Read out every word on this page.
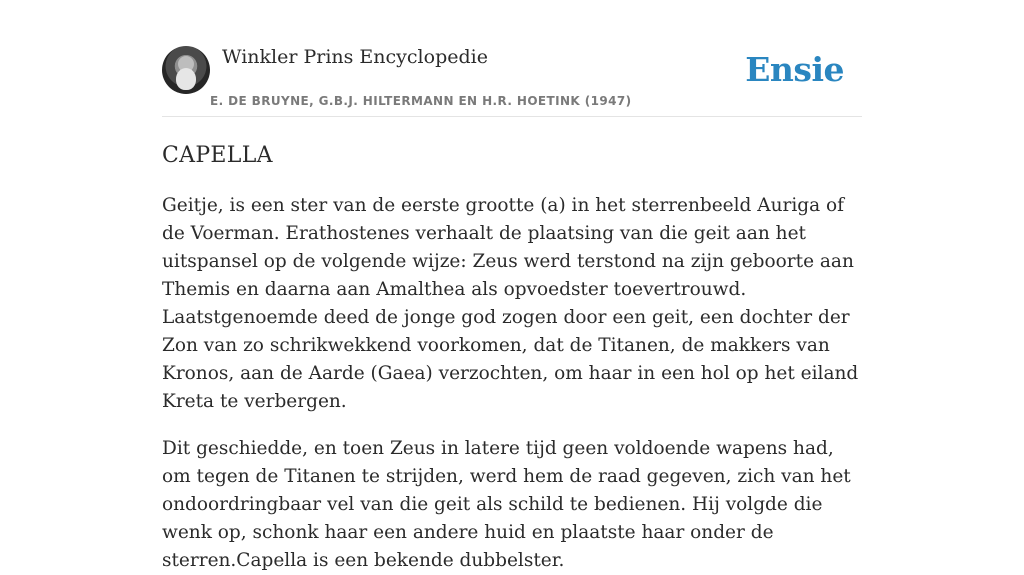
Winkler Prins Encyclopedie
E. DE BRUYNE, G.B.J. HILTERMANN EN H.R. HOETINK (1947)
Ensie
CAPELLA

Geitje, is een ster van de eerste grootte (a) in het sterrenbeeld Auriga of de Voerman. Erathostenes verhaalt de plaatsing van die geit aan het uitspansel op de volgende wijze: Zeus werd terstond na zijn geboorte aan Themis en daarna aan Amalthea als opvoedster toevertrouwd. Laatstgenoemde deed de jonge god zogen door een geit, een dochter der Zon van zo schrikwekkend voorkomen, dat de Titanen, de makkers van Kronos, aan de Aarde (Gaea) verzochten, om haar in een hol op het eiland Kreta te verbergen.

Dit geschiedde, en toen Zeus in latere tijd geen voldoende wapens had, om tegen de Titanen te strijden, werd hem de raad gegeven, zich van het ondoordringbaar vel van die geit als schild te bedienen. Hij volgde die wenk op, schonk haar een andere huid en plaatste haar onder de sterren.Capella is een bekende dubbelster.
